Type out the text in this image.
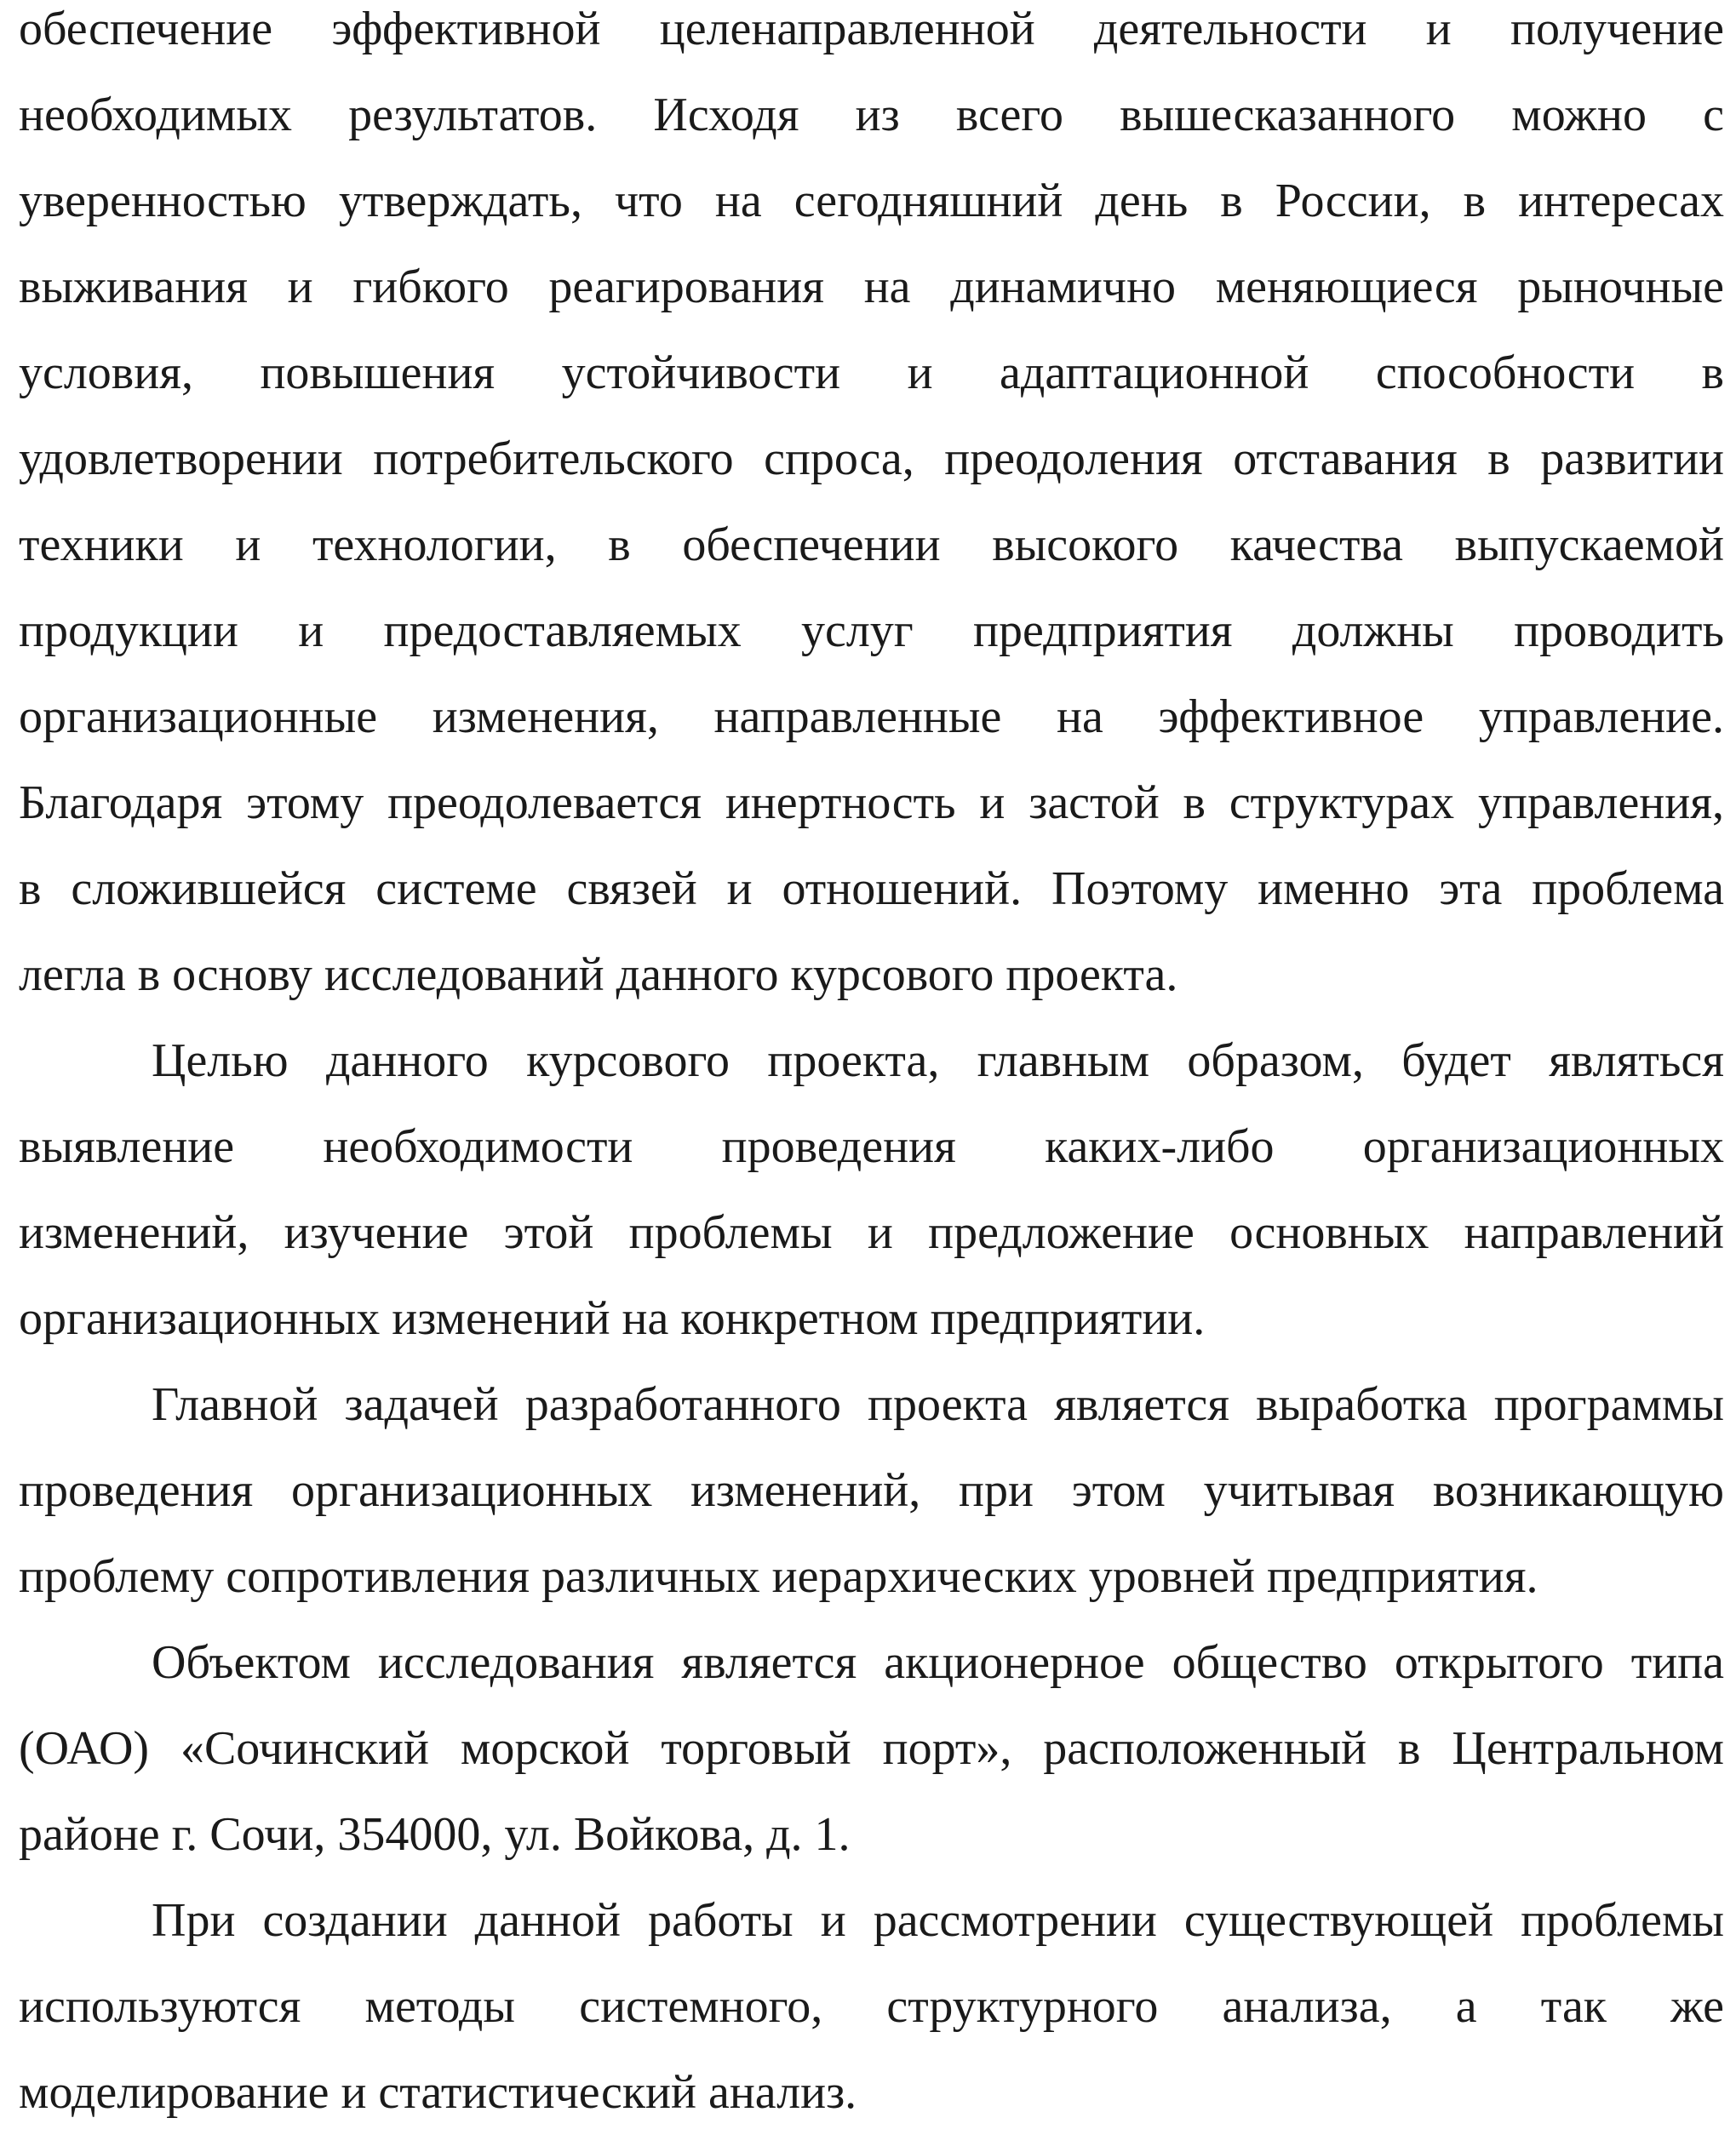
обеспечение эффективной целенаправленной деятельности и получение
необходимых результатов. Исходя из всего вышесказанного можно с
уверенностью утверждать, что на сегодняшний день в России, в интересах
выживания и гибкого реагирования на динамично меняющиеся рыночные
условия, повышения устойчивости и адаптационной способности в
удовлетворении потребительского спроса, преодоления отставания в развитии
техники и технологии, в обеспечении высокого качества выпускаемой
продукции и предоставляемых услуг предприятия должны проводить
организационные изменения, направленные на эффективное управление.
Благодаря этому преодолевается инертность и застой в структурах управления,
в сложившейся системе связей и отношений. Поэтому именно эта проблема
легла в основу исследований данного курсового проекта.
Целью данного курсового проекта, главным образом, будет являться
выявление необходимости проведения каких-либо организационных
изменений, изучение этой проблемы и предложение основных направлений
организационных изменений на конкретном предприятии.
Главной задачей разработанного проекта является выработка программы
проведения организационных изменений, при этом учитывая возникающую
проблему сопротивления различных иерархических уровней предприятия.
Объектом исследования является акционерное общество открытого типа
(ОАО) «Сочинский морской торговый порт», расположенный в Центральном
районе г. Сочи, 354000, ул. Войкова, д. 1.
При создании данной работы и рассмотрении существующей проблемы
используются методы системного, структурного анализа, а так же
моделирование и статистический анализ.
